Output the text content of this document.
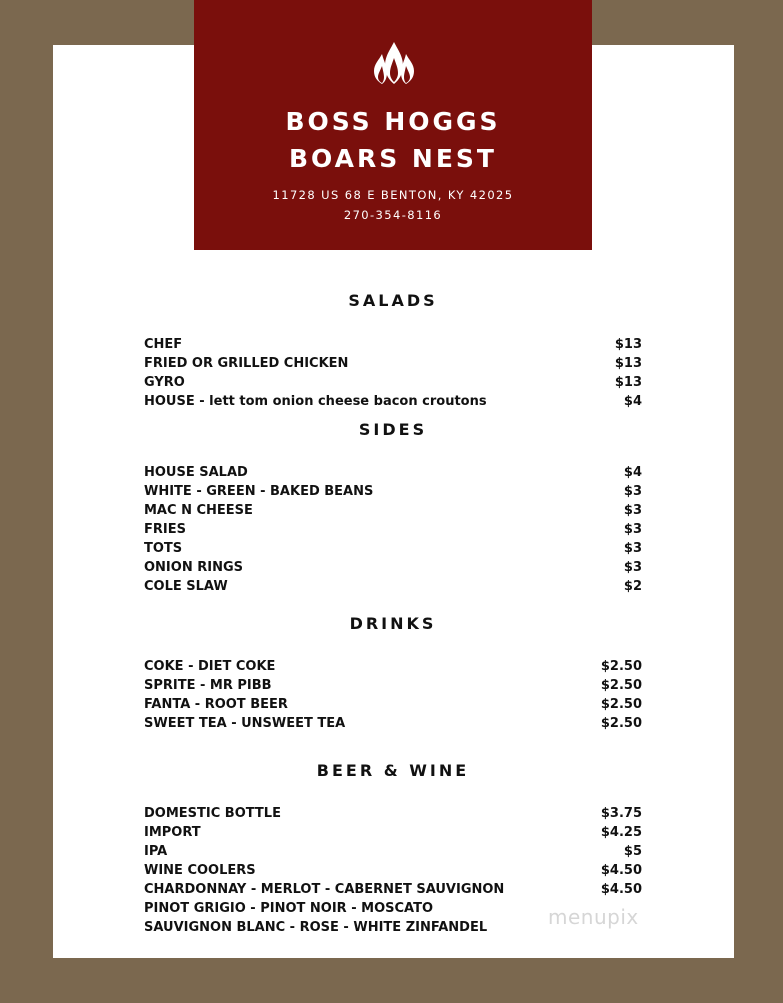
BOSS HOGGS
BOARS NEST
11728 US 68 E BENTON, KY 42025
270-354-8116
SALADS
CHEF	$13
FRIED OR GRILLED CHICKEN	$13
GYRO	$13
HOUSE - lett tom onion cheese bacon croutons	$4
SIDES
HOUSE SALAD	$4
WHITE - GREEN - BAKED BEANS	$3
MAC N CHEESE	$3
FRIES	$3
TOTS	$3
ONION RINGS	$3
COLE SLAW	$2
DRINKS
COKE - DIET COKE	$2.50
SPRITE - MR PIBB	$2.50
FANTA - ROOT BEER	$2.50
SWEET TEA - UNSWEET TEA	$2.50
BEER & WINE
DOMESTIC BOTTLE	$3.75
IMPORT	$4.25
IPA	$5
WINE COOLERS	$4.50
CHARDONNAY - MERLOT - CABERNET SAUVIGNON	$4.50
PINOT GRIGIO - PINOT NOIR - MOSCATO
SAUVIGNON BLANC - ROSE - WHITE ZINFANDEL	menupix
